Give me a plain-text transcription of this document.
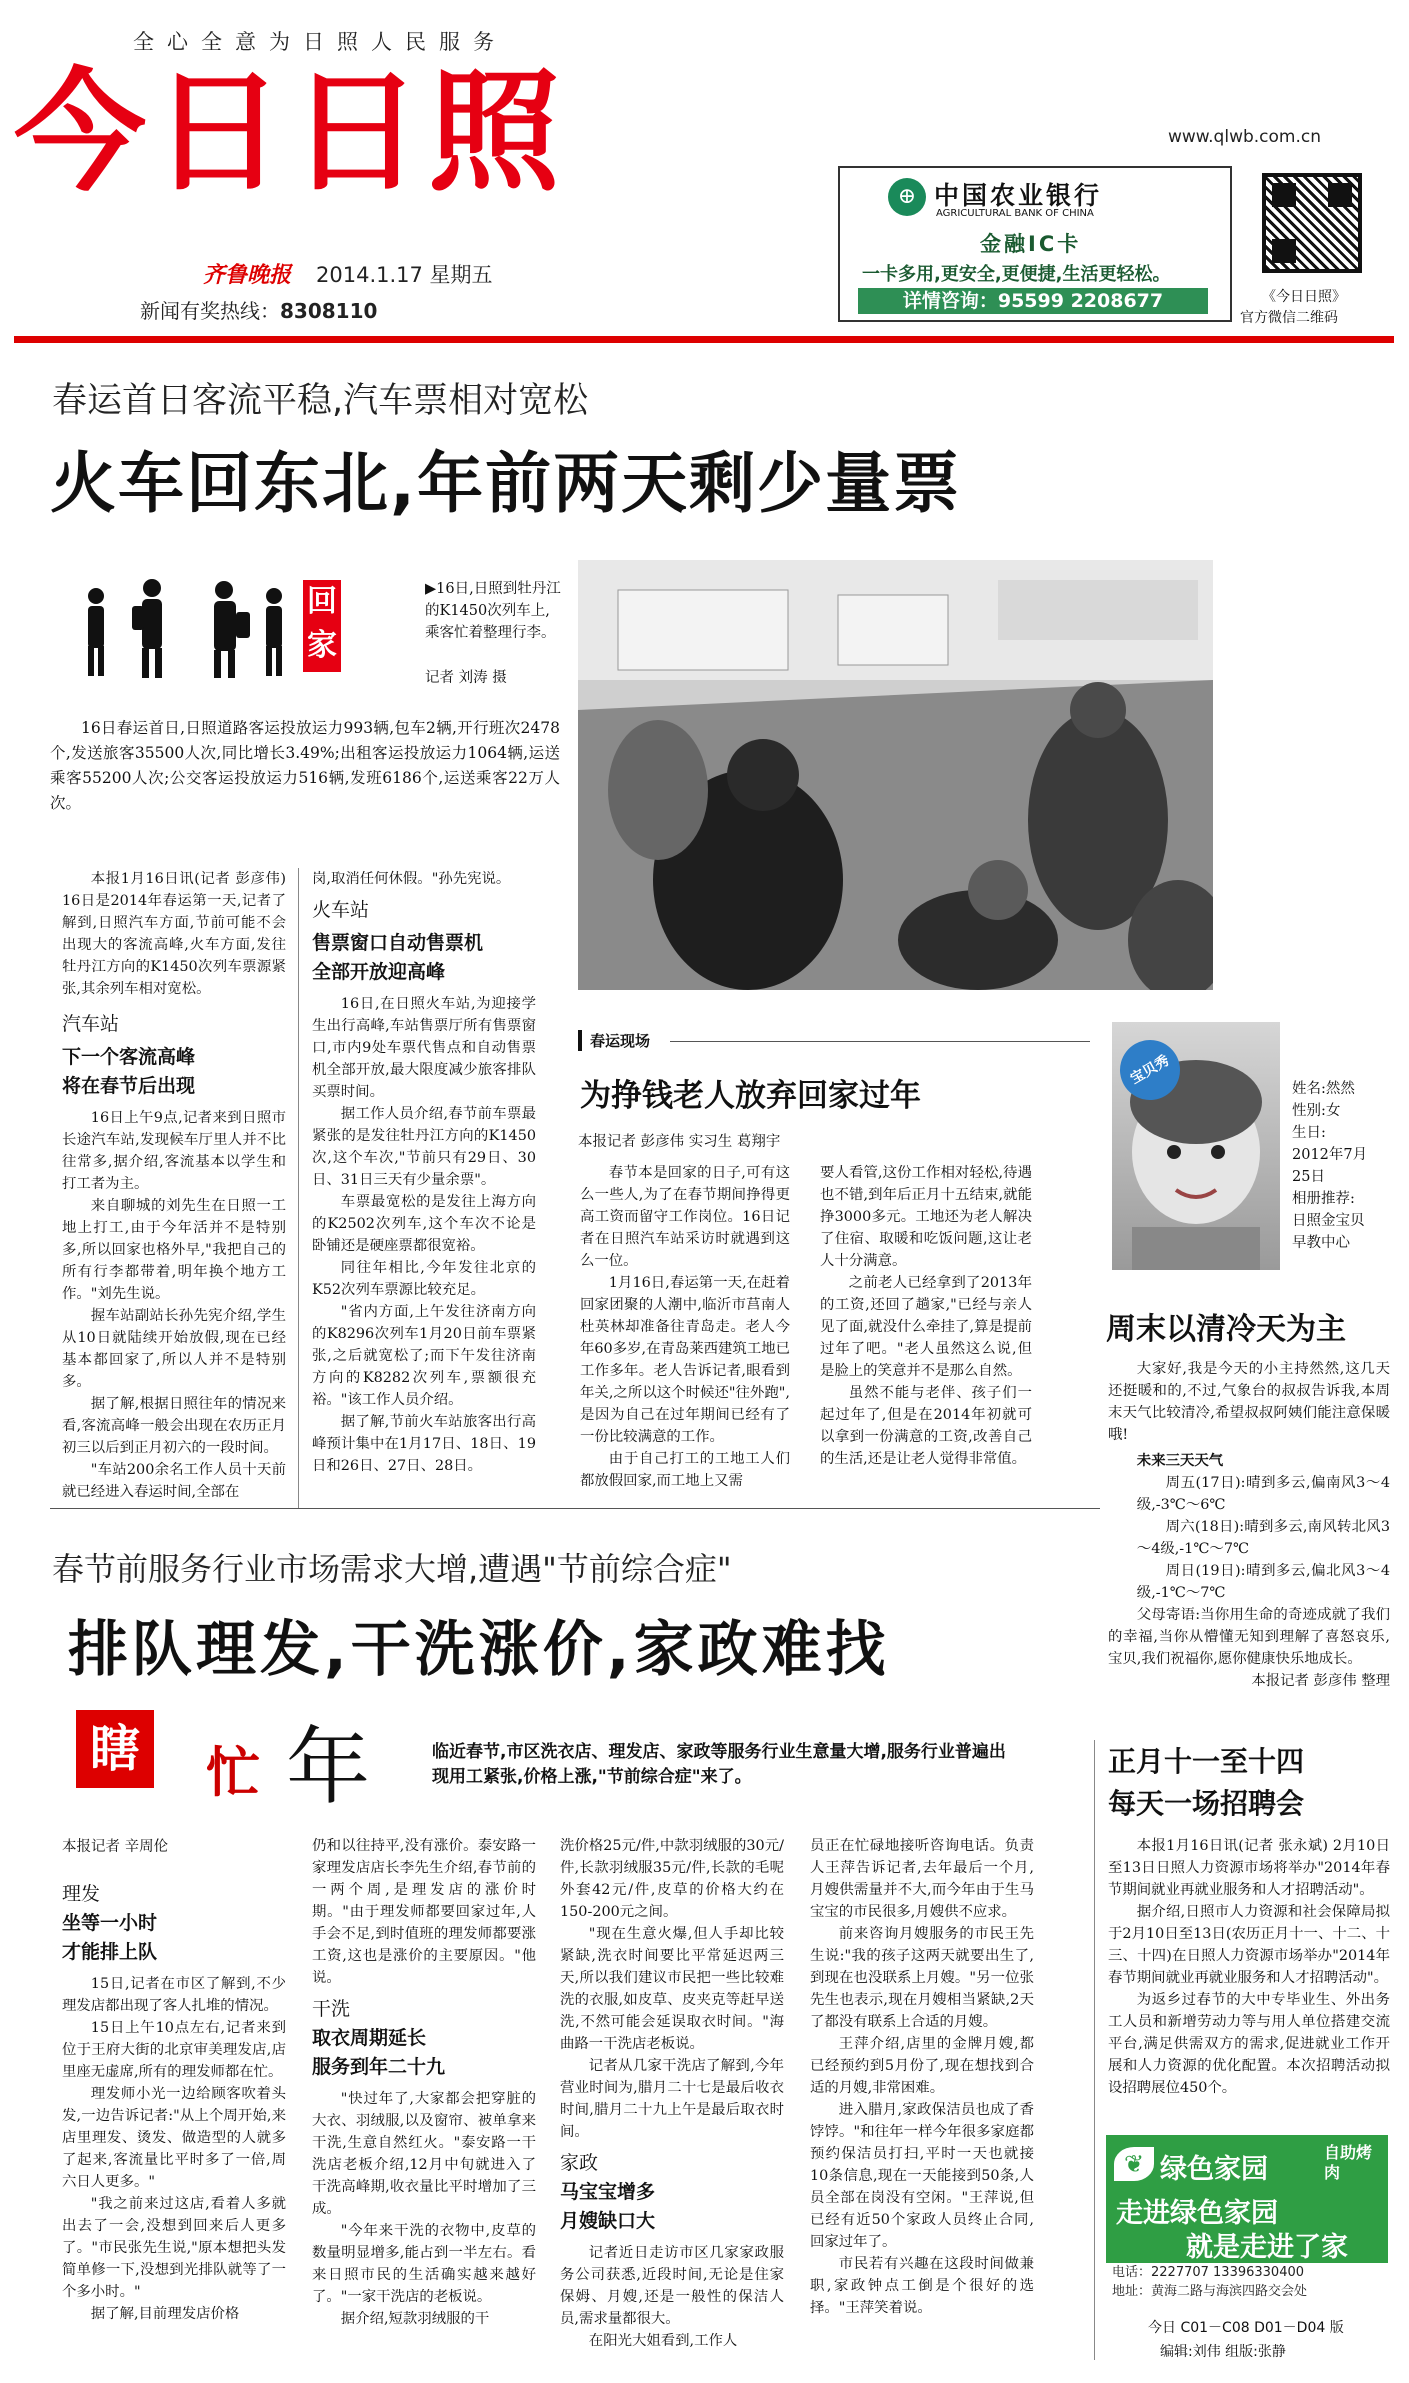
全心全意为日照人民服务
今日日照
齐鲁晚报 2014.1.17 星期五
新闻有奖热线：8308110
www.qlwb.com.cn
⊕ 中国农业银行
AGRICULTURAL BANK OF CHINA
金融IC卡
一卡多用,更安全,更便捷,生活更轻松。
详情咨询：95599 2208677	《今日日照》
官方微信二维码
春运首日客流平稳,汽车票相对宽松
火车回东北,年前两天剩少量票
回
家
▶16日,日照到牡丹江的K1450次列车上,乘客忙着整理行李。
记者 刘涛 摄

16日春运首日,日照道路客运投放运力993辆,包车2辆,开行班次2478个,发送旅客35500人次,同比增长3.49%;出租客运投放运力1064辆,运送乘客55200人次;公交客运投放运力516辆,发班6186个,运送乘客22万人次。

本报1月16日讯(记者 彭彦伟) 16日是2014年春运第一天,记者了解到,日照汽车方面,节前可能不会出现大的客流高峰,火车方面,发往牡丹江方向的K1450次列车票源紧张,其余列车相对宽松。

汽车站
下一个客流高峰
将在春节后出现

16日上午9点,记者来到日照市长途汽车站,发现候车厅里人并不比往常多,据介绍,客流基本以学生和打工者为主。

来自聊城的刘先生在日照一工地上打工,由于今年活并不是特别多,所以回家也格外早,"我把自己的所有行李都带着,明年换个地方工作。"刘先生说。

握车站副站长孙先宪介绍,学生从10日就陆续开始放假,现在已经基本都回家了,所以人并不是特别多。

据了解,根据日照往年的情况来看,客流高峰一般会出现在农历正月初三以后到正月初六的一段时间。

"车站200余名工作人员十天前就已经进入春运时间,全部在

岗,取消任何休假。"孙先宪说。

火车站
售票窗口自动售票机
全部开放迎高峰

16日,在日照火车站,为迎接学生出行高峰,车站售票厅所有售票窗口,市内9处车票代售点和自动售票机全部开放,最大限度减少旅客排队买票时间。

据工作人员介绍,春节前车票最紧张的是发往牡丹江方向的K1450次,这个车次,"节前只有29日、30日、31日三天有少量余票"。

车票最宽松的是发往上海方向的K2502次列车,这个车次不论是卧铺还是硬座票都很宽裕。

同往年相比,今年发往北京的K52次列车票源比较充足。

"省内方面,上午发往济南方向的K8296次列车1月20日前车票紧张,之后就宽松了;而下午发往济南方向的K8282次列车,票额很充裕。"该工作人员介绍。

据了解,节前火车站旅客出行高峰预计集中在1月17日、18日、19日和26日、27日、28日。

春运现场
为挣钱老人放弃回家过年
本报记者 彭彦伟 实习生 葛翔宇

春节本是回家的日子,可有这么一些人,为了在春节期间挣得更高工资而留守工作岗位。16日记者在日照汽车站采访时就遇到这么一位。

1月16日,春运第一天,在赶着回家团聚的人潮中,临沂市莒南人杜英林却准备往青岛走。老人今年60多岁,在青岛莱西建筑工地已工作多年。老人告诉记者,眼看到年关,之所以这个时候还"往外跑",是因为自己在过年期间已经有了一份比较满意的工作。

由于自己打工的工地工人们都放假回家,而工地上又需

要人看管,这份工作相对轻松,待遇也不错,到年后正月十五结束,就能挣3000多元。工地还为老人解决了住宿、取暖和吃饭问题,这让老人十分满意。

之前老人已经拿到了2013年的工资,还回了趟家,"已经与亲人见了面,就没什么牵挂了,算是提前过年了吧。"老人虽然这么说,但是脸上的笑意并不是那么自然。

虽然不能与老伴、孩子们一起过年了,但是在2014年初就可以拿到一份满意的工资,改善自己的生活,还是让老人觉得非常值。

宝贝秀
姓名:然然
性别:女
生日:
2012年7月
25日
相册推荐:
日照金宝贝
早教中心
周末以清冷天为主

大家好,我是今天的小主持然然,这几天还挺暖和的,不过,气象台的叔叔告诉我,本周末天气比较清冷,希望叔叔阿姨们能注意保暖哦!

未来三天天气

周五(17日):晴到多云,偏南风3～4级,-3℃～6℃

周六(18日):晴到多云,南风转北风3～4级,-1℃～7℃

周日(19日):晴到多云,偏北风3～4级,-1℃～7℃

父母寄语:当你用生命的奇迹成就了我们的幸福,当你从懵懂无知到理解了喜怒哀乐,宝贝,我们祝福你,愿你健康快乐地成长。

本报记者 彭彦伟 整理

春节前服务行业市场需求大增,遭遇"节前综合症"
排队理发,干洗涨价,家政难找
瞎 忙 年	临近春节,市区洗衣店、理发店、家政等服务行业生意量大增,服务行业普遍出现用工紧张,价格上涨,"节前综合症"来了。
本报记者 辛周伦
理发
坐等一小时
才能排上队

15日,记者在市区了解到,不少理发店都出现了客人扎堆的情况。

15日上午10点左右,记者来到位于王府大街的北京审美理发店,店里座无虚席,所有的理发师都在忙。

理发师小光一边给顾客吹着头发,一边告诉记者:"从上个周开始,来店里理发、烫发、做造型的人就多了起来,客流量比平时多了一倍,周六日人更多。"

"我之前来过这店,看着人多就出去了一会,没想到回来后人更多了。"市民张先生说,"原本想把头发简单修一下,没想到光排队就等了一个多小时。"

据了解,目前理发店价格

仍和以往持平,没有涨价。泰安路一家理发店店长李先生介绍,春节前的一两个周,是理发店的涨价时期。"由于理发师都要回家过年,人手会不足,到时值班的理发师都要涨工资,这也是涨价的主要原因。"他说。

干洗
取衣周期延长
服务到年二十九

"快过年了,大家都会把穿脏的大衣、羽绒服,以及窗帘、被单拿来干洗,生意自然红火。"泰安路一干洗店老板介绍,12月中旬就进入了干洗高峰期,收衣量比平时增加了三成。

"今年来干洗的衣物中,皮草的数量明显增多,能占到一半左右。看来日照市民的生活确实越来越好了。"一家干洗店的老板说。

据介绍,短款羽绒服的干

洗价格25元/件,中款羽绒服的30元/件,长款羽绒服35元/件,长款的毛呢外套42元/件,皮草的价格大约在150-200元之间。

"现在生意火爆,但人手却比较紧缺,洗衣时间要比平常延迟两三天,所以我们建议市民把一些比较难洗的衣服,如皮草、皮夹克等赶早送洗,不然可能会延误取衣时间。"海曲路一干洗店老板说。

记者从几家干洗店了解到,今年营业时间为,腊月二十七是最后收衣时间,腊月二十九上午是最后取衣时间。

家政
马宝宝增多
月嫂缺口大

记者近日走访市区几家家政服务公司获悉,近段时间,无论是住家保姆、月嫂,还是一般性的保洁人员,需求量都很大。

在阳光大姐看到,工作人

员正在忙碌地接听咨询电话。负责人王萍告诉记者,去年最后一个月,月嫂供需量并不大,而今年由于生马宝宝的市民很多,月嫂供不应求。

前来咨询月嫂服务的市民王先生说:"我的孩子这两天就要出生了,到现在也没联系上月嫂。"另一位张先生也表示,现在月嫂相当紧缺,2天了都没有联系上合适的月嫂。

王萍介绍,店里的金牌月嫂,都已经预约到5月份了,现在想找到合适的月嫂,非常困难。

进入腊月,家政保洁员也成了香饽饽。"和往年一样今年很多家庭都预约保洁员打扫,平时一天也就接10条信息,现在一天能接到50条,人员全部在岗没有空闲。"王萍说,但已经有近50个家政人员终止合同,回家过年了。

市民若有兴趣在这段时间做兼职,家政钟点工倒是个很好的选择。"王萍笑着说。

正月十一至十四
每天一场招聘会

本报1月16日讯(记者 张永斌) 2月10日至13日日照人力资源市场将举办"2014年春节期间就业再就业服务和人才招聘活动"。

据介绍,日照市人力资源和社会保障局拟于2月10日至13日(农历正月十一、十二、十三、十四)在日照人力资源市场举办"2014年春节期间就业再就业服务和人才招聘活动"。

为返乡过春节的大中专毕业生、外出务工人员和新增劳动力等与用人单位搭建交流平台,满足供需双方的需求,促进就业工作开展和人力资源的优化配置。本次招聘活动拟设招聘展位450个。

❦ 绿色家园
自助烤肉
走进绿色家园
就是走进了家
电话：2227707 13396330400
地址：黄海二路与海滨四路交会处
今日 C01－C08 D01－D04 版
编辑:刘伟 组版:张静
